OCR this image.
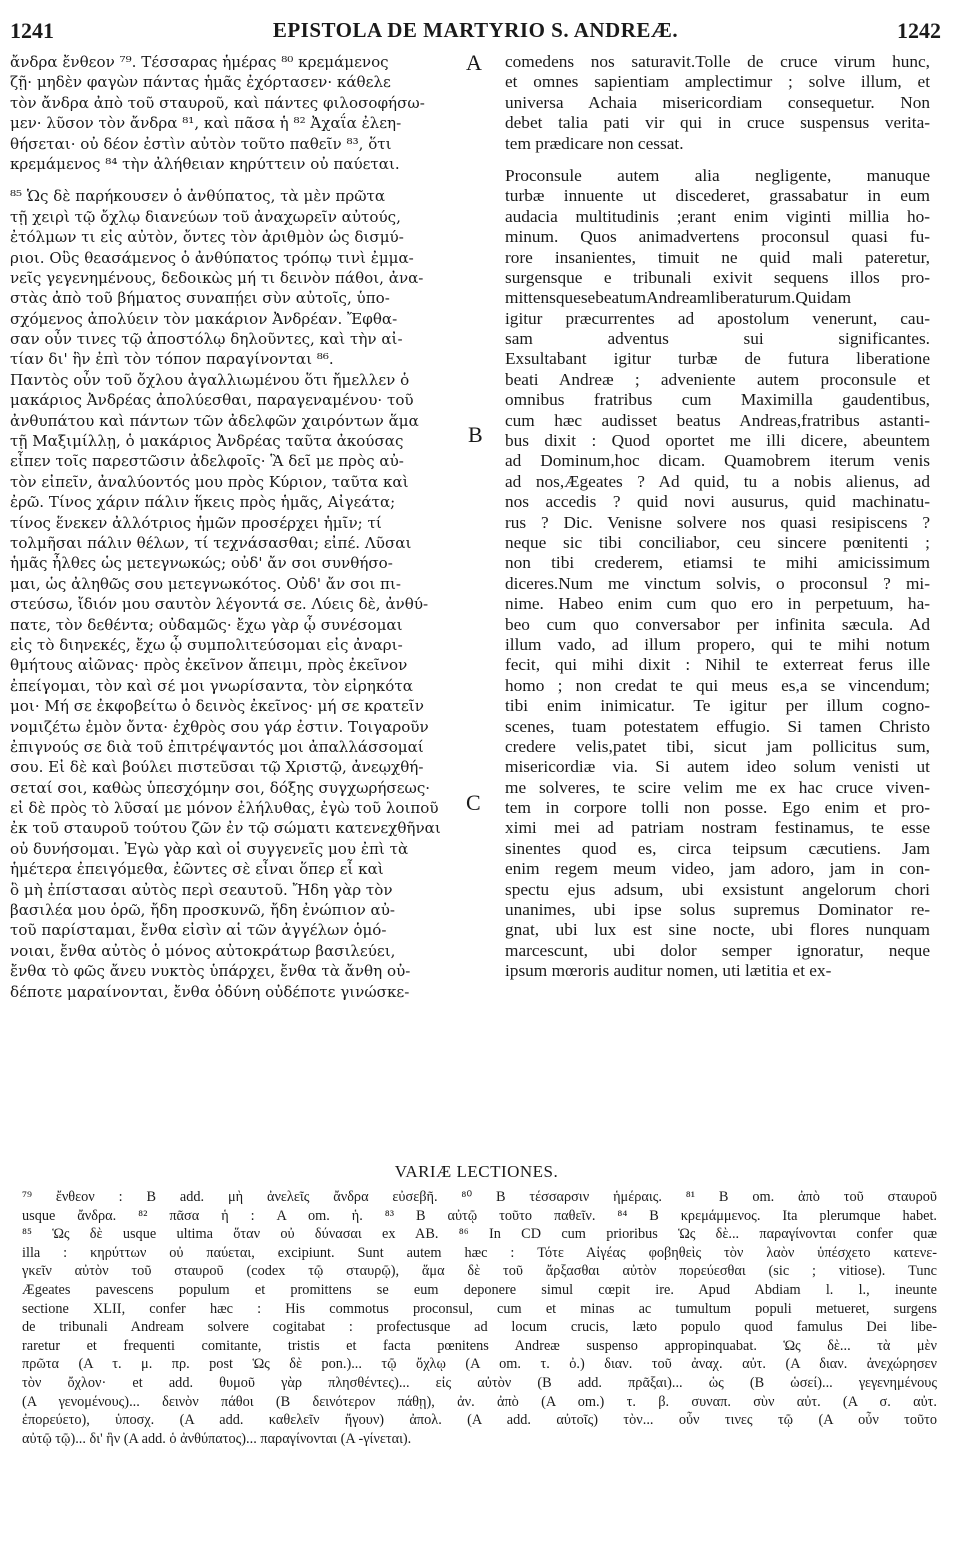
1241	EPISTOLA DE MARTYRIO S. ANDREÆ.	1242
ἄνδρα ἔνθεον ⁷⁹. Τέσσαρας ἡμέρας ⁸⁰ κρεμάμενος
ζῇ· μηδὲν φαγὼν πάντας ἡμᾶς ἐχόρτασεν· κάθελε
τὸν ἄνδρα ἀπὸ τοῦ σταυροῦ, καὶ πάντες φιλοσοφήσω-
μεν· λῦσον τὸν ἄνδρα ⁸¹, καὶ πᾶσα ἡ ⁸² Ἀχαΐα ἐλεη-
θήσεται· οὐ δέον ἐστὶν αὐτὸν τοῦτο παθεῖν ⁸³, ὅτι
κρεμάμενος ⁸⁴ τὴν ἀλήθειαν κηρύττειν οὐ παύεται.
⁸⁵ Ὡς δὲ παρήκουσεν ὁ ἀνθύπατος, τὰ μὲν πρῶτα
τῇ χειρὶ τῷ ὄχλῳ διανεύων τοῦ ἀναχωρεῖν αὐτούς,
ἐτόλμων τι εἰς αὐτὸν, ὄντες τὸν ἀριθμὸν ὡς δισμύ-
ριοι. Οὓς θεασάμενος ὁ ἀνθύπατος τρόπῳ τινὶ ἐμμα-
νεῖς γεγενημένους, δεδοικὼς μή τι δεινὸν πάθοι, ἀνα-
στὰς ἀπὸ τοῦ βήματος συναπῄει σὺν αὐτοῖς, ὑπο-
σχόμενος ἀπολύειν τὸν μακάριον Ἀνδρέαν. Ἔφθα-
σαν οὖν τινες τῷ ἀποστόλῳ δηλοῦντες, καὶ τὴν αἰ-
τίαν δι' ἣν ἐπὶ τὸν τόπον παραγίνονται ⁸⁶.
Παντὸς οὖν τοῦ ὄχλου ἀγαλλιωμένου ὅτι ἤμελλεν ὁ
μακάριος Ἀνδρέας ἀπολύεσθαι, παραγεναμένου· τοῦ
ἀνθυπάτου καὶ πάντων τῶν ἀδελφῶν χαιρόντων ἅμα
τῇ Μαξιμίλλῃ, ὁ μακάριος Ἀνδρέας ταῦτα ἀκούσας
εἶπεν τοῖς παρεστῶσιν ἀδελφοῖς· Ἃ δεῖ με πρὸς αὐ-
τὸν εἰπεῖν, ἀναλύοντός μου πρὸς Κύριον, ταῦτα καὶ
ἐρῶ. Τίνος χάριν πάλιν ἥκεις πρὸς ἡμᾶς, Αἰγεάτα;
τίνος ἕνεκεν ἀλλότριος ἡμῶν προσέρχει ἡμῖν; τί
τολμῆσαι πάλιν θέλων, τί τεχνάσασθαι; εἰπέ. Λῦσαι
ἡμᾶς ἦλθες ὡς μετεγνωκώς; οὐδ' ἄν σοι συνθήσο-
μαι, ὡς ἀληθῶς σου μετεγνωκότος. Οὐδ' ἄν σοι πι-
στεύσω, ἴδιόν μου σαυτὸν λέγοντά σε. Λύεις δὲ, ἀνθύ-
πατε, τὸν δεθέντα; οὐδαμῶς· ἔχω γὰρ ᾧ συνέσομαι
εἰς τὸ διηνεκές, ἔχω ᾧ συμπολιτεύσομαι εἰς ἀναρι-
θμήτους αἰῶνας· πρὸς ἐκεῖνον ἄπειμι, πρὸς ἐκεῖνον
ἐπείγομαι, τὸν καὶ σέ μοι γνωρίσαντα, τὸν εἰρηκότα
μοι· Μή σε ἐκφοβείτω ὁ δεινὸς ἐκεῖνος· μή σε κρατεῖν
νομιζέτω ἐμὸν ὄντα· ἐχθρὸς σου γάρ ἐστιν. Τοιγαροῦν
ἐπιγνούς σε διὰ τοῦ ἐπιτρέψαντός μοι ἀπαλλάσσομαί
σου. Εἰ δὲ καὶ βούλει πιστεῦσαι τῷ Χριστῷ, ἀνεῳχθή-
σεταί σοι, καθὼς ὑπεσχόμην σοι, δόξης συγχωρήσεως·
εἰ δὲ πρὸς τὸ λῦσαί με μόνον ἐλήλυθας, ἐγὼ τοῦ λοιποῦ
ἐκ τοῦ σταυροῦ τούτου ζῶν ἐν τῷ σώματι κατενεχθῆναι
οὐ δυνήσομαι. Ἐγὼ γὰρ καὶ οἱ συγγενεῖς μου ἐπὶ τὰ
ἡμέτερα ἐπειγόμεθα, ἐῶντες σὲ εἶναι ὅπερ εἶ καὶ
ὃ μὴ ἐπίστασαι αὐτὸς περὶ σεαυτοῦ. Ἤδη γὰρ τὸν
βασιλέα μου ὁρῶ, ἤδη προσκυνῶ, ἤδη ἐνώπιον αὐ-
τοῦ παρίσταμαι, ἔνθα εἰσὶν αἱ τῶν ἀγγέλων ὁμό-
νοιαι, ἔνθα αὐτὸς ὁ μόνος αὐτοκράτωρ βασιλεύει,
ἔνθα τὸ φῶς ἄνευ νυκτὸς ὑπάρχει, ἔνθα τὰ ἄνθη οὐ-
δέποτε μαραίνονται, ἔνθα ὀδύνη οὐδέποτε γινώσκε-
comedens nos saturavit.Tolle de cruce virum hunc,
et omnes sapientiam amplectimur ; solve illum, et
universa Achaia misericordiam consequetur. Non
debet talia pati vir qui in cruce suspensus verita-
tem prædicare non cessat.
Proconsule autem alia negligente, manuque
turbæ innuente ut discederet, grassabatur in eum
audacia multitudinis ;erant enim viginti millia ho-
minum. Quos animadvertens proconsul quasi fu-
rore insanientes, timuit ne quid mali pateretur,
surgensque e tribunali exivit sequens illos pro-
mittensquesebeatumAndreamliberaturum.Quidam
igitur præcurrentes ad apostolum venerunt, cau-
sam adventus sui significantes.
Exsultabant igitur turbæ de futura liberatione
beati Andreæ ; adveniente autem proconsule et
omnibus fratribus cum Maximilla gaudentibus,
cum hæc audisset beatus Andreas,fratribus astanti-
bus dixit : Quod oportet me illi dicere, abeuntem
ad Dominum,hoc dicam. Quamobrem iterum venis
ad nos,Ægeates ? Ad quid, tu a nobis alienus, ad
nos accedis ? quid novi ausurus, quid machinatu-
rus ? Dic. Venisne solvere nos quasi resipiscens ?
neque sic tibi conciliabor, ceu sincere pœnitenti ;
non tibi crederem, etiamsi te mihi amicissimum
diceres.Num me vinctum solvis, o proconsul ? mi-
nime. Habeo enim cum quo ero in perpetuum, ha-
beo cum quo conversabor per infinita sæcula. Ad
illum vado, ad illum propero, qui te mihi notum
fecit, qui mihi dixit : Nihil te exterreat ferus ille
homo ; non credat te qui meus es,a se vincendum;
tibi enim inimicatur. Te igitur per illum cogno-
scenes, tuam potestatem effugio. Si tamen Christo
credere velis,patet tibi, sicut jam pollicitus sum,
misericordiæ via. Si autem ideo solum venisti ut
me solveres, te scire velim me ex hac cruce viven-
tem in corpore tolli non posse. Ego enim et pro-
ximi mei ad patriam nostram festinamus, te esse
sinentes quod es, circa teipsum cæcutiens. Jam
enim regem meum video, jam adoro, jam in con-
spectu ejus adsum, ubi exsistunt angelorum chori
unanimes, ubi ipse solus supremus Dominator re-
gnat, ubi lux est sine nocte, ubi flores nunquam
marcescunt, ubi dolor semper ignoratur, neque
ipsum mœroris auditur nomen, uti lætitia et ex-
A
B
C
VARIÆ LECTIONES.
⁷⁹ ἔνθεον : B add. μὴ ἀνελεῖς ἄνδρα εὐσεβῆ. ⁸⁰ B τέσσαρσιν ἡμέραις. ⁸¹ B om. ἀπὸ τοῦ σταυροῦ
usque ἄνδρα. ⁸² πᾶσα ἡ : A om. ἡ. ⁸³ B αὐτῷ τοῦτο παθεῖν. ⁸⁴ B κρεμάμμενος. Ita plerumque habet.
⁸⁵ Ὡς δὲ usque ultima ὅταν οὐ δύνασαι ex AB. ⁸⁶ In CD cum prioribus Ὡς δὲ... παραγίνονται confer quæ
illa : κηρύττων οὐ παύεται, excipiunt. Sunt autem hæc : Τότε Αἰγέας φοβηθεὶς τὸν λαὸν ὑπέσχετο κατενε-
γκεῖν αὐτὸν τοῦ σταυροῦ (codex τῷ σταυρῷ), ἅμα δὲ τοῦ ἄρξασθαι αὐτὸν πορεύεσθαι (sic ; vitiose). Tunc
Ægeates pavescens populum et promittens se eum deponere simul cœpit ire. Apud Abdiam l. l., ineunte
sectione XLII, confer hæc : His commotus proconsul, cum et minas ac tumultum populi metueret, surgens
de tribunali Andream solvere cogitabat : profectusque ad locum crucis, læto populo quod famulus Dei libe-
raretur et frequenti comitante, tristis et facta pœnitens Andreæ suspenso appropinquabat. Ὡς δὲ... τὰ μὲν
πρῶτα (A τ. μ. πρ. post Ὡς δὲ pon.)... τῷ ὄχλῳ (A om. τ. ὀ.) διαν. τοῦ ἀναχ. αὐτ. (A διαν. ἀνεχώρησεν
τὸν ὄχλον· et add. θυμοῦ γὰρ πλησθέντες)... εἰς αὐτὸν (B add. πρᾶξαι)... ὡς (B ὡσεί)... γεγενημένους
(A γενομένους)... δεινὸν πάθοι (B δεινότερον πάθῃ), ἀν. ἀπὸ (A om.) τ. β. συναπ. σὺν αὐτ. (A σ. αὐτ.
ἐπορεύετο), ὑποσχ. (A add. καθελεῖν ἤγουν) ἀπολ. (A add. αὐτοῖς) τὸν... οὖν τινες τῷ (A οὖν τοῦτο
αὐτῷ τῷ)... δι' ἣν (A add. ὁ ἀνθύπατος)... παραγίνονται (A -γίνεται).
